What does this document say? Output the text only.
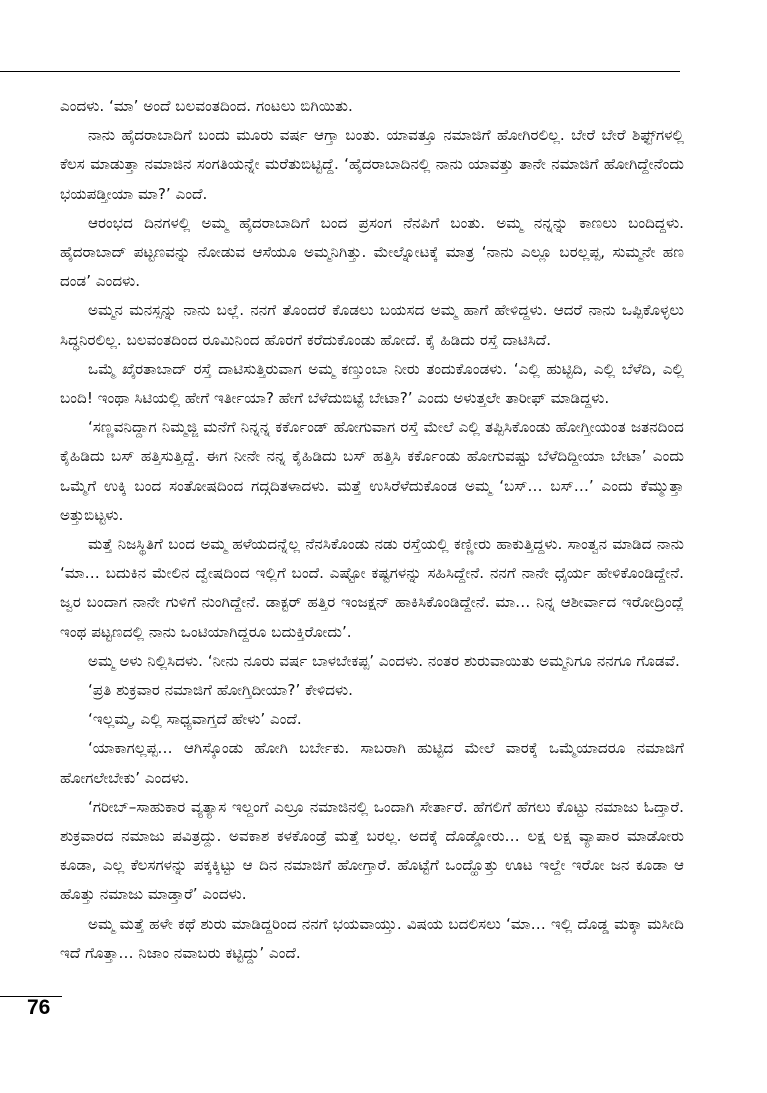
ಎಂದಳು. ‘ಮಾ’ ಅಂದೆ ಬಲವಂತದಿಂದ. ಗಂಟಲು ಬಿಗಿಯಿತು.

ನಾನು ಹೈದರಾಬಾದಿಗೆ ಬಂದು ಮೂರು ವರ್ಷ ಆಗ್ತಾ ಬಂತು. ಯಾವತ್ತೂ ನಮಾಜಿಗೆ ಹೋಗಿರಲಿಲ್ಲ. ಬೇರೆ ಬೇರೆ ಶಿಫ್ಟ್‌ಗಳಲ್ಲಿ ಕೆಲಸ ಮಾಡುತ್ತಾ ನಮಾಜಿನ ಸಂಗತಿಯನ್ನೇ ಮರೆತುಬಿಟ್ಟಿದ್ದೆ. ‘ಹೈದರಾಬಾದಿನಲ್ಲಿ ನಾನು ಯಾವತ್ತು ತಾನೇ ನಮಾಜಿಗೆ ಹೋಗಿದ್ದೇನೆಂದು ಭಯಪಡ್ತೀಯಾ ಮಾ?’ ಎಂದೆ.

ಆರಂಭದ ದಿನಗಳಲ್ಲಿ ಅಮ್ಮ ಹೈದರಾಬಾದಿಗೆ ಬಂದ ಪ್ರಸಂಗ ನೆನಪಿಗೆ ಬಂತು. ಅಮ್ಮ ನನ್ನನ್ನು ಕಾಣಲು ಬಂದಿದ್ದಳು. ಹೈದರಾಬಾದ್ ಪಟ್ಟಣವನ್ನು ನೋಡುವ ಆಸೆಯೂ ಅಮ್ಮನಿಗಿತ್ತು. ಮೇಲ್ನೋಟಕ್ಕೆ ಮಾತ್ರ ‘ನಾನು ಎಲ್ಲೂ ಬರಲ್ಲಪ್ಪ, ಸುಮ್ಮನೇ ಹಣ ದಂಡ’ ಎಂದಳು.

ಅಮ್ಮನ ಮನಸ್ಸನ್ನು ನಾನು ಬಲ್ಲೆ. ನನಗೆ ತೊಂದರೆ ಕೊಡಲು ಬಯಸದ ಅಮ್ಮ ಹಾಗೆ ಹೇಳಿದ್ದಳು. ಆದರೆ ನಾನು ಒಪ್ಪಿಕೊಳ್ಳಲು ಸಿದ್ಧನಿರಲಿಲ್ಲ. ಬಲವಂತದಿಂದ ರೂಮಿನಿಂದ ಹೊರಗೆ ಕರೆದುಕೊಂಡು ಹೋದೆ. ಕೈ ಹಿಡಿದು ರಸ್ತೆ ದಾಟಿಸಿದೆ.

ಒಮ್ಮೆ ಖೈರತಾಬಾದ್ ರಸ್ತೆ ದಾಟಿಸುತ್ತಿರುವಾಗ ಅಮ್ಮ ಕಣ್ತುಂಬಾ ನೀರು ತಂದುಕೊಂಡಳು. ‘ಎಲ್ಲಿ ಹುಟ್ಟಿದಿ, ಎಲ್ಲಿ ಬೆಳೆದಿ, ಎಲ್ಲಿ ಬಂದಿ! ಇಂಥಾ ಸಿಟಿಯಲ್ಲಿ ಹೇಗೆ ಇರ್ತೀಯಾ? ಹೇಗೆ ಬೆಳೆದುಬಿಟ್ಟೆ ಬೇಟಾ?’ ಎಂದು ಅಳುತ್ತಲೇ ತಾರೀಫ್ ಮಾಡಿದ್ದಳು.

‘ಸಣ್ಣವನಿದ್ದಾಗ ನಿಮ್ಮಜ್ಜಿ ಮನೆಗೆ ನಿನ್ನನ್ನ ಕರ್ಕೊಂಡ್ ಹೋಗುವಾಗ ರಸ್ತೆ ಮೇಲೆ ಎಲ್ಲಿ ತಪ್ಪಿಸಿಕೊಂಡು ಹೋಗ್ತೀಯಂತ ಜತನದಿಂದ ಕೈಹಿಡಿದು ಬಸ್ ಹತ್ತಿಸುತ್ತಿದ್ದೆ. ಈಗ ನೀನೇ ನನ್ನ ಕೈಹಿಡಿದು ಬಸ್ ಹತ್ತಿಸಿ ಕರ್ಕೊಂಡು ಹೋಗುವಷ್ಟು ಬೆಳೆದಿದ್ದೀಯಾ ಬೇಟಾ’ ಎಂದು ಒಮ್ಮೆಗೆ ಉಕ್ಕಿ ಬಂದ ಸಂತೋಷದಿಂದ ಗದ್ಗದಿತಳಾದಳು. ಮತ್ತೆ ಉಸಿರೆಳೆದುಕೊಂಡ ಅಮ್ಮ ‘ಬಸ್… ಬಸ್…’ ಎಂದು ಕೆಮ್ಮುತ್ತಾ ಅತ್ತುಬಿಟ್ಟಳು.

ಮತ್ತೆ ನಿಜಸ್ಥಿತಿಗೆ ಬಂದ ಅಮ್ಮ ಹಳೆಯದನ್ನೆಲ್ಲ ನೆನಸಿಕೊಂಡು ನಡು ರಸ್ತೆಯಲ್ಲಿ ಕಣ್ಣೀರು ಹಾಕುತ್ತಿದ್ದಳು. ಸಾಂತ್ವನ ಮಾಡಿದ ನಾನು ‘ಮಾ… ಬದುಕಿನ ಮೇಲಿನ ದ್ವೇಷದಿಂದ ಇಲ್ಲಿಗೆ ಬಂದೆ. ಎಷ್ಟೋ ಕಷ್ಟಗಳನ್ನು ಸಹಿಸಿದ್ದೇನೆ. ನನಗೆ ನಾನೇ ಧೈರ್ಯ ಹೇಳಿಕೊಂಡಿದ್ದೇನೆ. ಜ್ವರ ಬಂದಾಗ ನಾನೇ ಗುಳಿಗೆ ನುಂಗಿದ್ದೇನೆ. ಡಾಕ್ಟರ್ ಹತ್ತಿರ ಇಂಜಕ್ಷನ್ ಹಾಕಿಸಿಕೊಂಡಿದ್ದೇನೆ. ಮಾ… ನಿನ್ನ ಆಶೀರ್ವಾದ ಇರೋದ್ರಿಂದ್ಲೆ ಇಂಥ ಪಟ್ಟಣದಲ್ಲಿ ನಾನು ಒಂಟಿಯಾಗಿದ್ದರೂ ಬದುಕ್ತಿರೋದು’.

ಅಮ್ಮ ಅಳು ನಿಲ್ಲಿಸಿದಳು. ‘ನೀನು ನೂರು ವರ್ಷ ಬಾಳಬೇಕಪ್ಪ’ ಎಂದಳು. ನಂತರ ಶುರುವಾಯಿತು ಅಮ್ಮನಿಗೂ ನನಗೂ ಗೊಡವೆ.

‘ಪ್ರತಿ ಶುಕ್ರವಾರ ನಮಾಜಿಗೆ ಹೋಗ್ತಿದೀಯಾ?’ ಕೇಳಿದಳು.

‘ಇಲ್ಲಮ್ಮ, ಎಲ್ಲಿ ಸಾಧ್ಯವಾಗ್ತದೆ ಹೇಳು’ ಎಂದೆ.

‘ಯಾಕಾಗಲ್ಲಪ್ಪ… ಆಗಿಸ್ಕೊಂಡು ಹೋಗಿ ಬರ್ಬೇಕು. ಸಾಬರಾಗಿ ಹುಟ್ಟಿದ ಮೇಲೆ ವಾರಕ್ಕೆ ಒಮ್ಮೆಯಾದರೂ ನಮಾಜಿಗೆ ಹೋಗಲೇಬೇಕು’ ಎಂದಳು.

‘ಗರೀಬ್–ಸಾಹುಕಾರ ವ್ಯತ್ಯಾಸ ಇಲ್ದಂಗೆ ಎಲ್ರೂ ನಮಾಜಿನಲ್ಲಿ ಒಂದಾಗಿ ಸೇರ್ತಾರೆ. ಹೆಗಲಿಗೆ ಹೆಗಲು ಕೊಟ್ಟು ನಮಾಜು ಓದ್ತಾರೆ. ಶುಕ್ರವಾರದ ನಮಾಜು ಪವಿತ್ರದ್ದು. ಅವಕಾಶ ಕಳಕೊಂಡ್ರೆ ಮತ್ತೆ ಬರಲ್ಲ. ಅದಕ್ಕೆ ದೊಡ್ಡೋರು… ಲಕ್ಷ ಲಕ್ಷ ವ್ಯಾಪಾರ ಮಾಡೋರು ಕೂಡಾ, ಎಲ್ಲ ಕೆಲಸಗಳನ್ನು ಪಕ್ಕಕ್ಕಿಟ್ಟು ಆ ದಿನ ನಮಾಜಿಗೆ ಹೋಗ್ತಾರೆ. ಹೊಟ್ಟೆಗೆ ಒಂದ್ಹೊತ್ತು ಊಟ ಇಲ್ದೇ ಇರೋ ಜನ ಕೂಡಾ ಆ ಹೊತ್ತು ನಮಾಜು ಮಾಡ್ತಾರೆ’ ಎಂದಳು.

ಅಮ್ಮ ಮತ್ತೆ ಹಳೇ ಕಥೆ ಶುರು ಮಾಡಿದ್ದರಿಂದ ನನಗೆ ಭಯವಾಯ್ತು. ವಿಷಯ ಬದಲಿಸಲು ‘ಮಾ… ಇಲ್ಲಿ ದೊಡ್ಡ ಮಕ್ಕಾ ಮಸೀದಿ ಇದೆ ಗೊತ್ತಾ… ನಿಜಾಂ ನವಾಬರು ಕಟ್ಟಿದ್ದು’ ಎಂದೆ.

76
